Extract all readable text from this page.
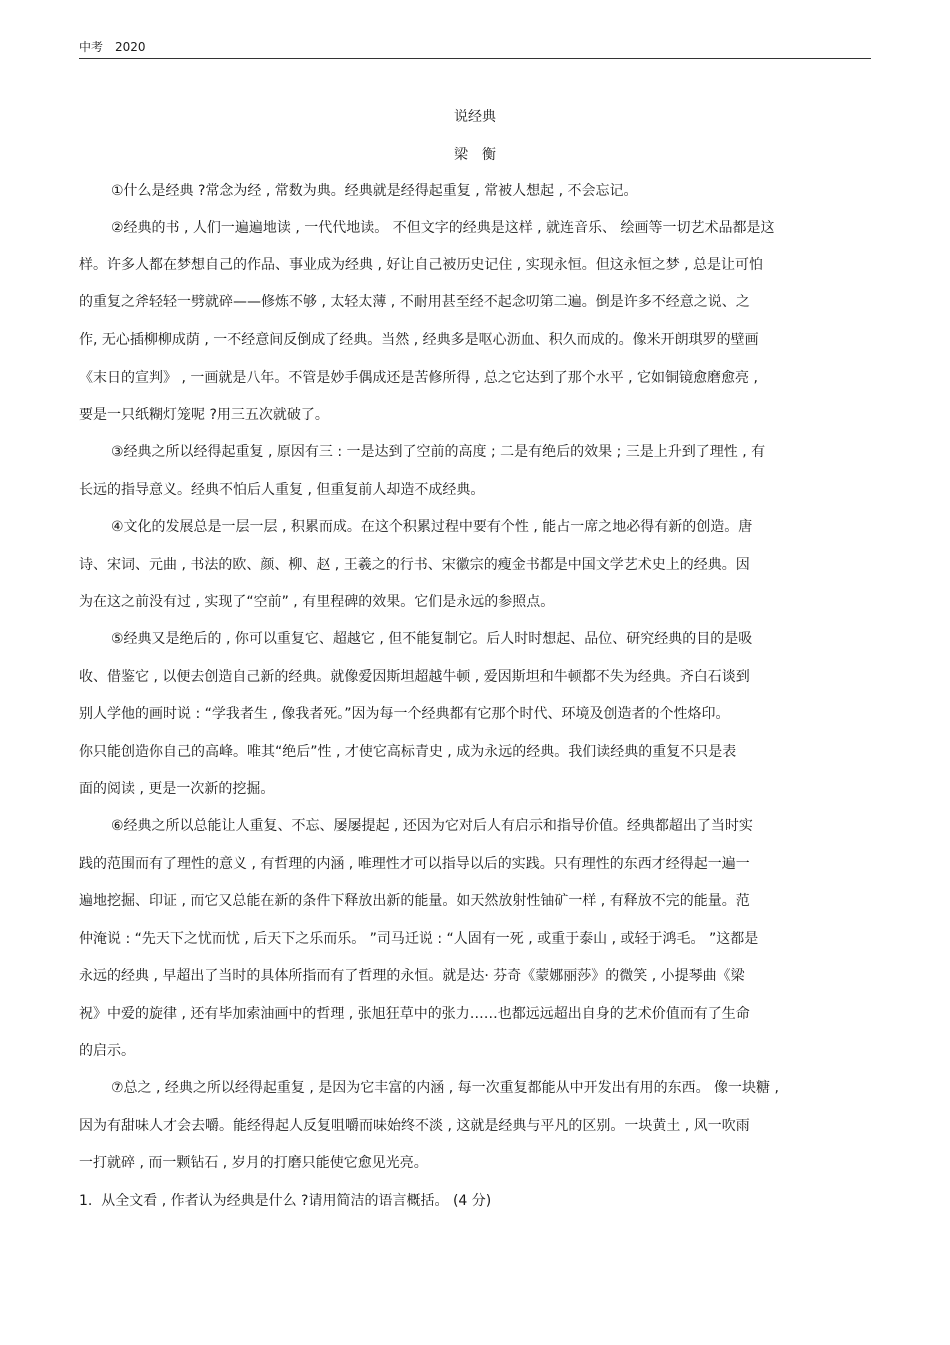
中考　2020
说经典
梁　衡
①什么是经典 ?常念为经 , 常数为典。经典就是经得起重复 , 常被人想起 , 不会忘记。
②经典的书 , 人们一遍遍地读 , 一代代地读。 不但文字的经典是这样 , 就连音乐、 绘画等一切艺术品都是这
样。许多人都在梦想自己的作品、事业成为经典 , 好让自己被历史记住 , 实现永恒。但这永恒之梦 , 总是让可怕
的重复之斧轻轻一劈就碎——修炼不够 , 太轻太薄 , 不耐用甚至经不起念叨第二遍。倒是许多不经意之说、之
作, 无心插柳柳成荫 , 一不经意间反倒成了经典。当然 , 经典多是呕心沥血、积久而成的。像米开朗琪罗的壁画
《末日的宣判》 , 一画就是八年。不管是妙手偶成还是苦修所得 , 总之它达到了那个水平 , 它如铜镜愈磨愈亮 ,
要是一只纸糊灯笼呢 ?用三五次就破了。
③经典之所以经得起重复 , 原因有三 : 一是达到了空前的高度 ; 二是有绝后的效果 ; 三是上升到了理性 , 有
长远的指导意义。经典不怕后人重复 , 但重复前人却造不成经典。
④文化的发展总是一层一层 , 积累而成。在这个积累过程中要有个性 , 能占一席之地必得有新的创造。唐
诗、宋词、元曲 , 书法的欧、颜、柳、赵 , 王羲之的行书、宋徽宗的瘦金书都是中国文学艺术史上的经典。因
为在这之前没有过 , 实现了“空前” , 有里程碑的效果。它们是永远的参照点。
⑤经典又是绝后的 , 你可以重复它、超越它 , 但不能复制它。后人时时想起、品位、研究经典的目的是吸
收、借鉴它 , 以便去创造自己新的经典。就像爱因斯坦超越牛顿 , 爱因斯坦和牛顿都不失为经典。齐白石谈到
别人学他的画时说 : “学我者生 , 像我者死。”因为每一个经典都有它那个时代、环境及创造者的个性烙印。
你只能创造你自己的高峰。唯其“绝后”性 , 才使它高标青史 , 成为永远的经典。我们读经典的重复不只是表
面的阅读 , 更是一次新的挖掘。
⑥经典之所以总能让人重复、不忘、屡屡提起 , 还因为它对后人有启示和指导价值。经典都超出了当时实
践的范围而有了理性的意义 , 有哲理的内涵 , 唯理性才可以指导以后的实践。只有理性的东西才经得起一遍一
遍地挖掘、印证 , 而它又总能在新的条件下释放出新的能量。如天然放射性铀矿一样 , 有释放不完的能量。范
仲淹说 : “先天下之忧而忧 , 后天下之乐而乐。 ”司马迁说 : “人固有一死 , 或重于泰山 , 或轻于鸿毛。 ”这都是
永远的经典 , 早超出了当时的具体所指而有了哲理的永恒。就是达· 芬奇《蒙娜丽莎》的微笑 , 小提琴曲《梁
祝》中爱的旋律 , 还有毕加索油画中的哲理 , 张旭狂草中的张力……也都远远超出自身的艺术价值而有了生命
的启示。
⑦总之 , 经典之所以经得起重复 , 是因为它丰富的内涵 , 每一次重复都能从中开发出有用的东西。 像一块糖 ,
因为有甜味人才会去嚼。能经得起人反复咀嚼而味始终不淡 , 这就是经典与平凡的区别。一块黄土 , 风一吹雨
一打就碎 , 而一颗钻石 , 岁月的打磨只能使它愈见光亮。
1.  从全文看 , 作者认为经典是什么 ?请用简洁的语言概括。 (4 分)
